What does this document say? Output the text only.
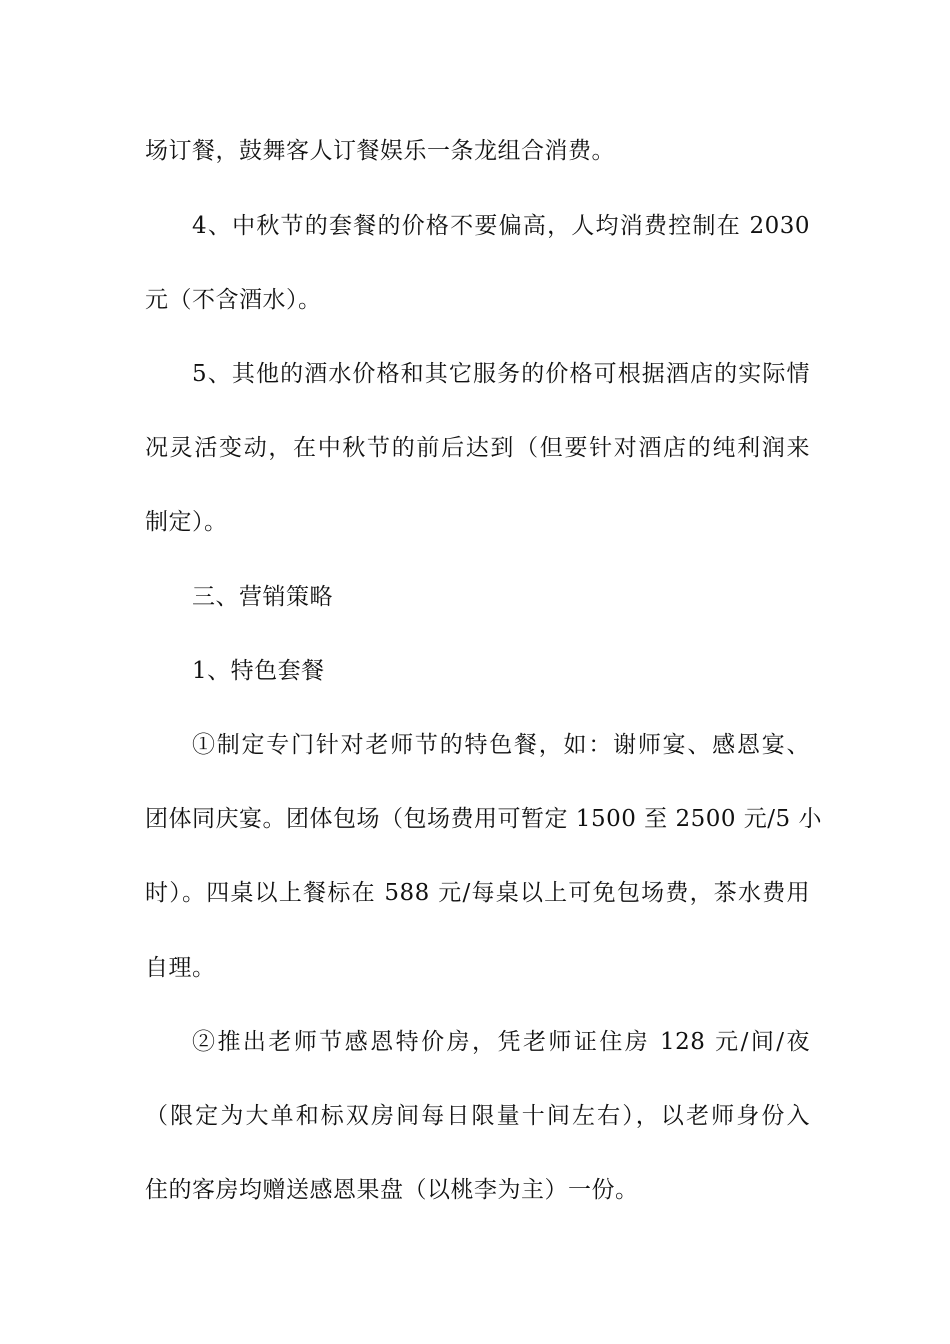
场订餐，鼓舞客人订餐娱乐一条龙组合消费。
4、中秋节的套餐的价格不要偏高，人均消费控制在 2030
元（不含酒水）。
5、其他的酒水价格和其它服务的价格可根据酒店的实际情
况灵活变动，在中秋节的前后达到（但要针对酒店的纯利润来
制定）。
三、营销策略
1、特色套餐
①制定专门针对老师节的特色餐，如：谢师宴、感恩宴、
团体同庆宴。团体包场（包场费用可暂定 1500 至 2500 元/5 小
时）。四桌以上餐标在 588 元/每桌以上可免包场费，茶水费用
自理。
②推出老师节感恩特价房，凭老师证住房 128 元/间/夜
（限定为大单和标双房间每日限量十间左右），以老师身份入
住的客房均赠送感恩果盘（以桃李为主）一份。
